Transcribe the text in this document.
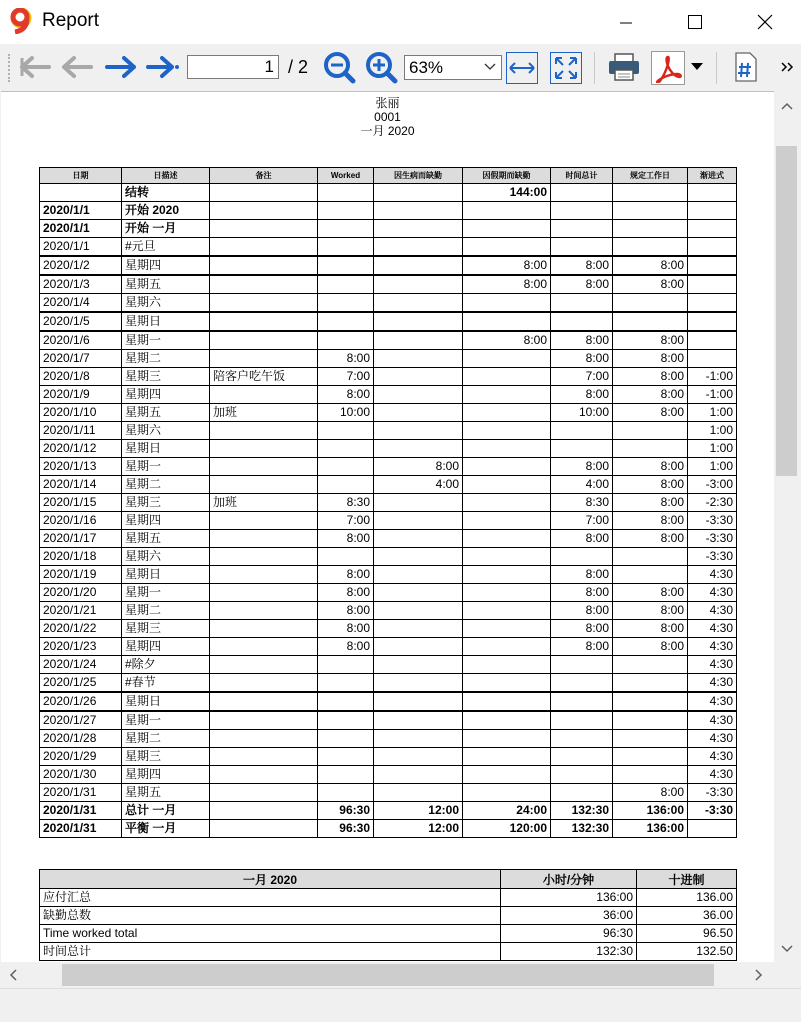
Report
1 / 2	63%
张丽
0001
一月 2020
日期	日描述	备注	Worked	因生病而缺勤	因假期而缺勤	时间总计	规定工作日	渐进式
	结转				144:00			
2020/1/1	开始 2020							
2020/1/1	开始 一月							
2020/1/1	#元旦							
2020/1/2	星期四				8:00	8:00	8:00	
2020/1/3	星期五				8:00	8:00	8:00	
2020/1/4	星期六							
2020/1/5	星期日							
2020/1/6	星期一				8:00	8:00	8:00	
2020/1/7	星期二		8:00			8:00	8:00	
2020/1/8	星期三	陪客户吃午饭	7:00			7:00	8:00	-1:00
2020/1/9	星期四		8:00			8:00	8:00	-1:00
2020/1/10	星期五	加班	10:00			10:00	8:00	1:00
2020/1/11	星期六							1:00
2020/1/12	星期日							1:00
2020/1/13	星期一			8:00		8:00	8:00	1:00
2020/1/14	星期二			4:00		4:00	8:00	-3:00
2020/1/15	星期三	加班	8:30			8:30	8:00	-2:30
2020/1/16	星期四		7:00			7:00	8:00	-3:30
2020/1/17	星期五		8:00			8:00	8:00	-3:30
2020/1/18	星期六							-3:30
2020/1/19	星期日		8:00			8:00		4:30
2020/1/20	星期一		8:00			8:00	8:00	4:30
2020/1/21	星期二		8:00			8:00	8:00	4:30
2020/1/22	星期三		8:00			8:00	8:00	4:30
2020/1/23	星期四		8:00			8:00	8:00	4:30
2020/1/24	#除夕							4:30
2020/1/25	#春节							4:30
2020/1/26	星期日							4:30
2020/1/27	星期一							4:30
2020/1/28	星期二							4:30
2020/1/29	星期三							4:30
2020/1/30	星期四							4:30
2020/1/31	星期五						8:00	-3:30
2020/1/31	总计 一月		96:30	12:00	24:00	132:30	136:00	-3:30
2020/1/31	平衡 一月		96:30	12:00	120:00	132:30	136:00	
一月 2020	小时/分钟	十进制
应付汇总	136:00	136.00
缺勤总数	36:00	36.00
Time worked total	96:30	96.50
时间总计	132:30	132.50
